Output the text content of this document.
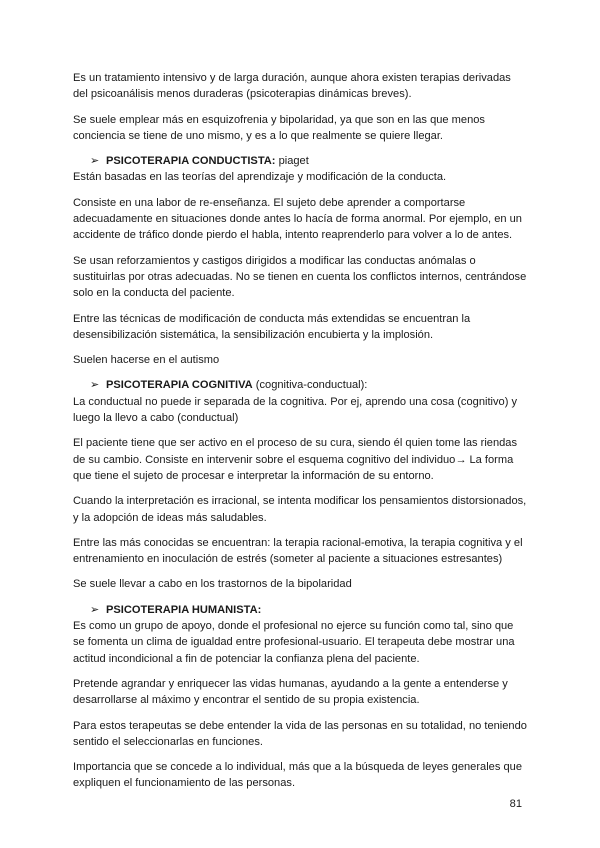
Es un tratamiento intensivo y de larga duración, aunque ahora existen terapias derivadas del psicoanálisis menos duraderas (psicoterapias dinámicas breves).

Se suele emplear más en esquizofrenia y bipolaridad, ya que son en las que menos conciencia se tiene de uno mismo, y es a lo que realmente se quiere llegar.

➢ PSICOTERAPIA CONDUCTISTA: piaget

Están basadas en las teorías del aprendizaje y modificación de la conducta.

Consiste en una labor de re-enseñanza. El sujeto debe aprender a comportarse adecuadamente en situaciones donde antes lo hacía de forma anormal. Por ejemplo, en un accidente de tráfico donde pierdo el habla, intento reaprenderlo para volver a lo de antes.

Se usan reforzamientos y castigos dirigidos a modificar las conductas anómalas o sustituirlas por otras adecuadas. No se tienen en cuenta los conflictos internos, centrándose solo en la conducta del paciente.

Entre las técnicas de modificación de conducta más extendidas se encuentran la desensibilización sistemática, la sensibilización encubierta y la implosión.

Suelen hacerse en el autismo

➢ PSICOTERAPIA COGNITIVA (cognitiva-conductual):

La conductual no puede ir separada de la cognitiva. Por ej, aprendo una cosa (cognitivo) y luego la llevo a cabo (conductual)

El paciente tiene que ser activo en el proceso de su cura, siendo él quien tome las riendas de su cambio. Consiste en intervenir sobre el esquema cognitivo del individuo→ La forma que tiene el sujeto de procesar e interpretar la información de su entorno.

Cuando la interpretación es irracional, se intenta modificar los pensamientos distorsionados, y la adopción de ideas más saludables.

Entre las más conocidas se encuentran: la terapia racional-emotiva, la terapia cognitiva y el entrenamiento en inoculación de estrés (someter al paciente a situaciones estresantes)

Se suele llevar a cabo en los trastornos de la bipolaridad

➢ PSICOTERAPIA HUMANISTA:

Es como un grupo de apoyo, donde el profesional no ejerce su función como tal, sino que se fomenta un clima de igualdad entre profesional-usuario. El terapeuta debe mostrar una actitud incondicional a fin de potenciar la confianza plena del paciente.

Pretende agrandar y enriquecer las vidas humanas, ayudando a la gente a entenderse y desarrollarse al máximo y encontrar el sentido de su propia existencia.

Para estos terapeutas se debe entender la vida de las personas en su totalidad, no teniendo sentido el seleccionarlas en funciones.

Importancia que se concede a lo individual, más que a la búsqueda de leyes generales que expliquen el funcionamiento de las personas.

81
